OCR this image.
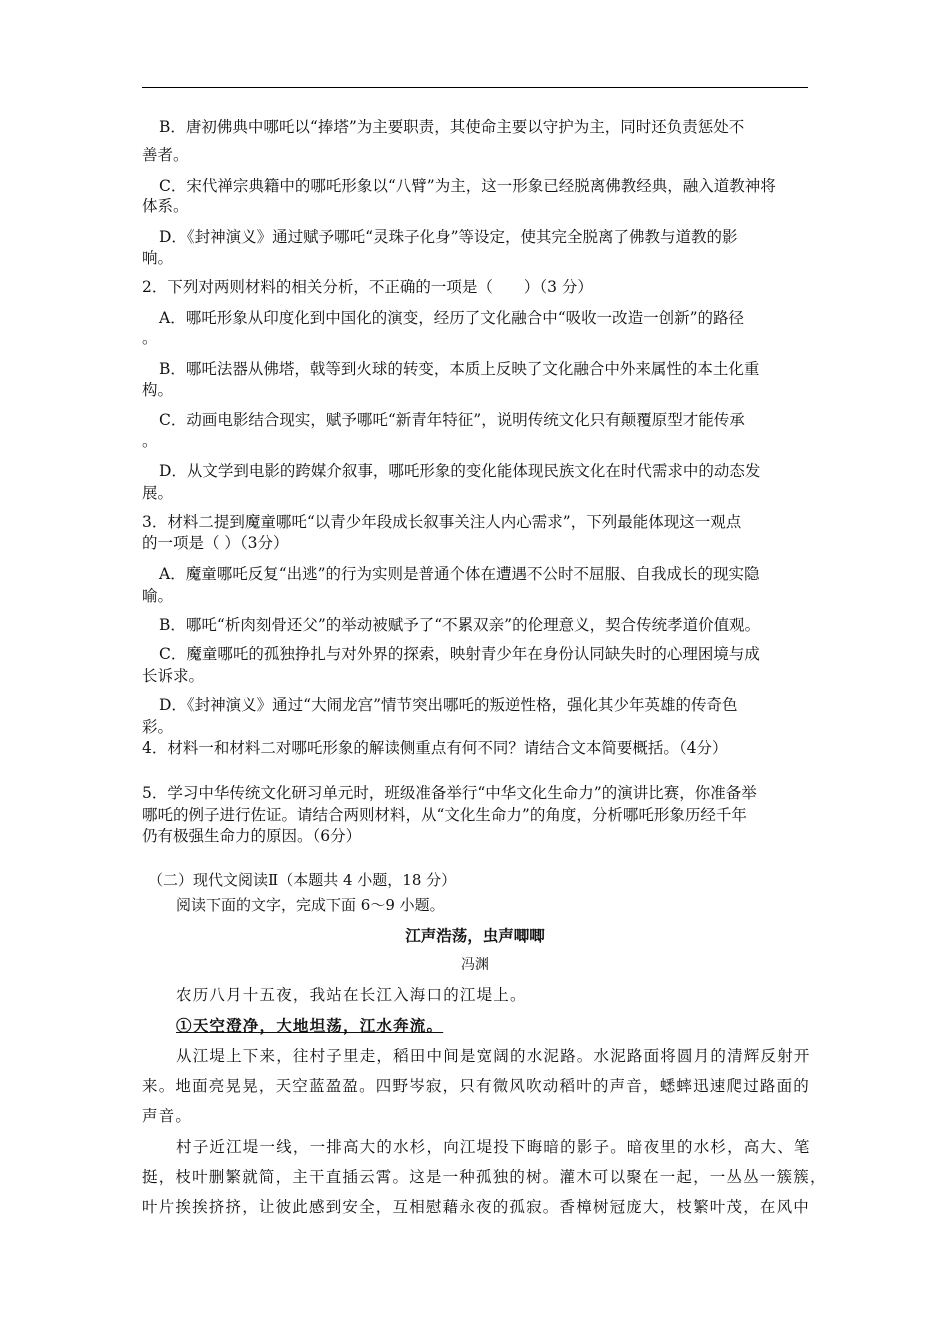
B．唐初佛典中哪吒以“捧塔”为主要职责，其使命主要以守护为主，同时还负责惩处不
善者。
C．宋代禅宗典籍中的哪吒形象以“八臂”为主，这一形象已经脱离佛教经典，融入道教神将
体系。
D．《封神演义》通过赋予哪吒“灵珠子化身”等设定，使其完全脱离了佛教与道教的影
响。
2．下列对两则材料的相关分析，不正确的一项是（　　）（3 分）
A．哪吒形象从印度化到中国化的演变，经历了文化融合中“吸收一改造一创新”的路径
。
B．哪吒法器从佛塔，戟等到火球的转变，本质上反映了文化融合中外来属性的本土化重
构。
C．动画电影结合现实，赋予哪吒“新青年特征”，说明传统文化只有颠覆原型才能传承
。
D．从文学到电影的跨媒介叙事，哪吒形象的变化能体现民族文化在时代需求中的动态发
展。
3．材料二提到魔童哪吒“以青少年段成长叙事关注人内心需求”，下列最能体现这一观点
的一项是（ ）（3分）
A．魔童哪吒反复“出逃”的行为实则是普通个体在遭遇不公时不屈服、自我成长的现实隐
喻。
B．哪吒“析肉刻骨还父”的举动被赋予了“不累双亲”的伦理意义，契合传统孝道价值观。
C．魔童哪吒的孤独挣扎与对外界的探索，映射青少年在身份认同缺失时的心理困境与成
长诉求。
D．《封神演义》通过“大闹龙宫”情节突出哪吒的叛逆性格，强化其少年英雄的传奇色
彩。
4．材料一和材料二对哪吒形象的解读侧重点有何不同？请结合文本简要概括。（4分）
5．学习中华传统文化研习单元时，班级准备举行“中华文化生命力”的演讲比赛，你准备举
哪吒的例子进行佐证。请结合两则材料，从“文化生命力”的角度，分析哪吒形象历经千年
仍有极强生命力的原因。（6分）
（二）现代文阅读Ⅱ（本题共 4 小题，18 分）
阅读下面的文字，完成下面 6～9 小题。
江声浩荡，虫声唧唧
冯渊
农历八月十五夜，我站在长江入海口的江堤上。
①天空澄净，大地坦荡，江水奔流。
从江堤上下来，往村子里走，稻田中间是宽阔的水泥路。水泥路面将圆月的清辉反射开
来。地面亮晃晃，天空蓝盈盈。四野岑寂，只有微风吹动稻叶的声音，蟋蟀迅速爬过路面的
声音。
村子近江堤一线，一排高大的水杉，向江堤投下晦暗的影子。暗夜里的水杉，高大、笔
挺，枝叶删繁就简，主干直插云霄。这是一种孤独的树。灌木可以聚在一起，一丛丛一簇簇，
叶片挨挨挤挤，让彼此感到安全，互相慰藉永夜的孤寂。香樟树冠庞大，枝繁叶茂，在风中
